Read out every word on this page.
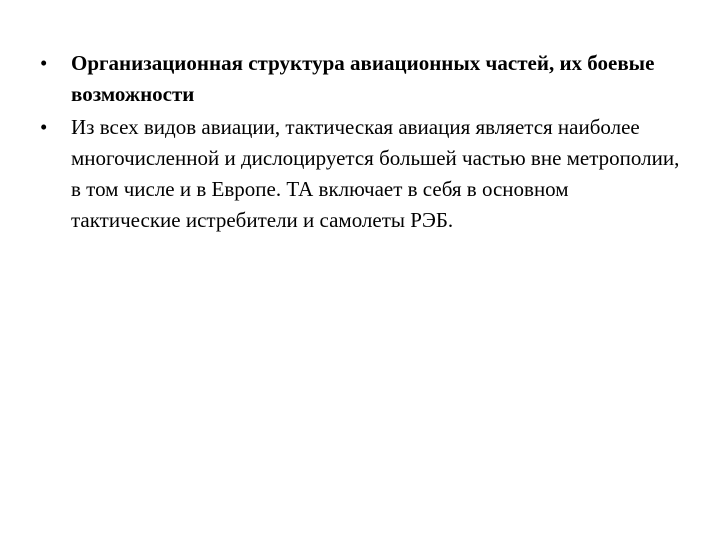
•	Организационная структура авиационных частей, их боевые возможности
•	Из всех видов авиации, тактическая авиация является наиболее многочисленной и дислоцируется большей частью вне метрополии, в том числе и в Европе. ТА включает в себя в основном тактические истребители и самолеты РЭБ.
